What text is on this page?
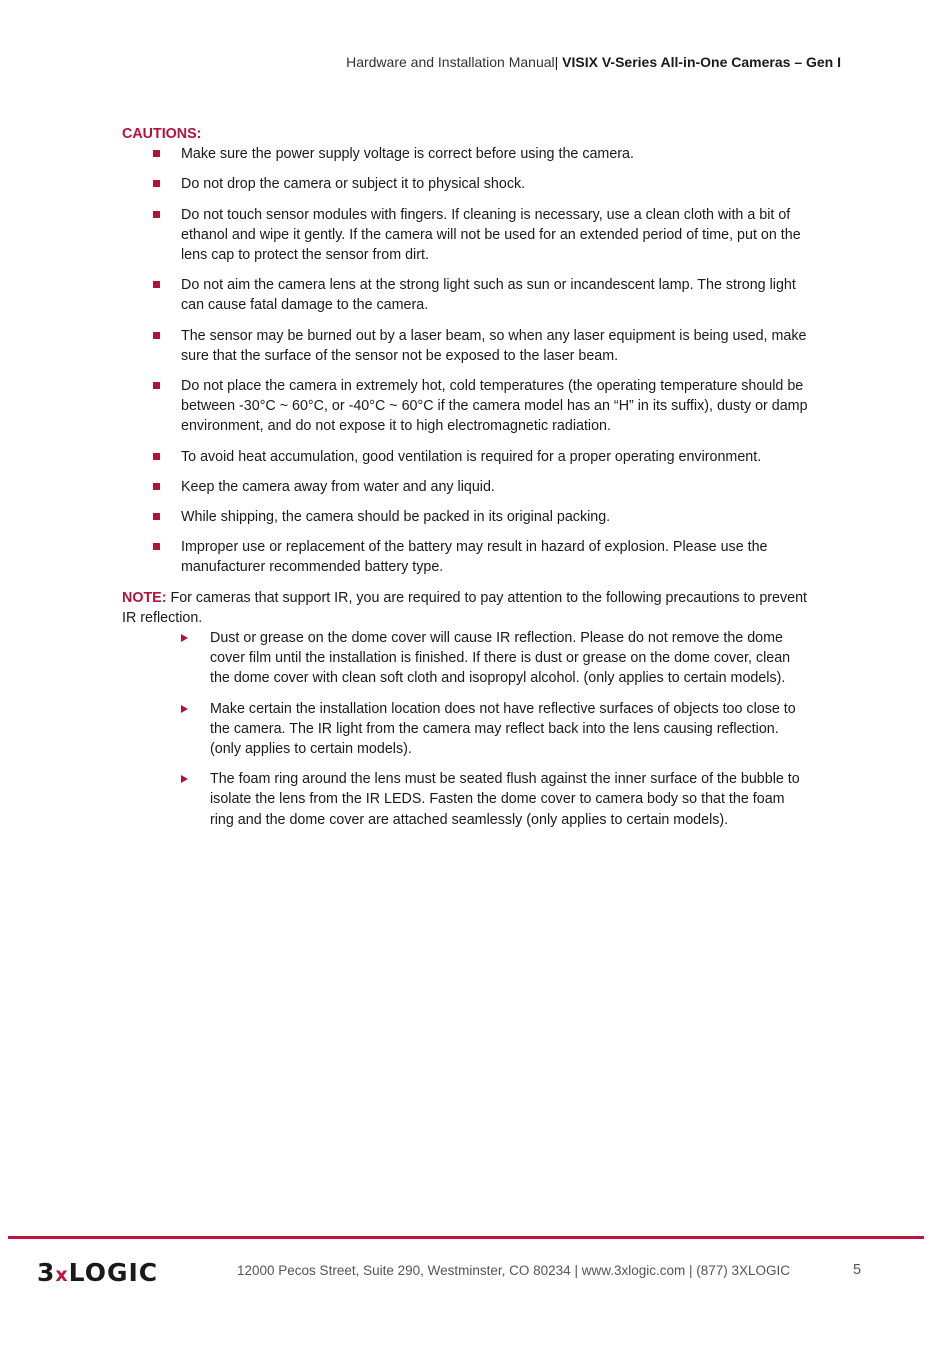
Hardware and Installation Manual| VISIX V-Series All-in-One Cameras – Gen I

CAUTIONS:

Make sure the power supply voltage is correct before using the camera.
Do not drop the camera or subject it to physical shock.
Do not touch sensor modules with fingers. If cleaning is necessary, use a clean cloth with a bit of ethanol and wipe it gently. If the camera will not be used for an extended period of time, put on the lens cap to protect the sensor from dirt.
Do not aim the camera lens at the strong light such as sun or incandescent lamp. The strong light can cause fatal damage to the camera.
The sensor may be burned out by a laser beam, so when any laser equipment is being used, make sure that the surface of the sensor not be exposed to the laser beam.
Do not place the camera in extremely hot, cold temperatures (the operating temperature should be between -30°C ~ 60°C, or -40°C ~ 60°C if the camera model has an “H” in its suffix), dusty or damp environment, and do not expose it to high electromagnetic radiation.
To avoid heat accumulation, good ventilation is required for a proper operating environment.
Keep the camera away from water and any liquid.
While shipping, the camera should be packed in its original packing.
Improper use or replacement of the battery may result in hazard of explosion. Please use the manufacturer recommended battery type.

NOTE: For cameras that support IR, you are required to pay attention to the following precautions to prevent IR reflection.

Dust or grease on the dome cover will cause IR reflection. Please do not remove the dome cover film until the installation is finished. If there is dust or grease on the dome cover, clean the dome cover with clean soft cloth and isopropyl alcohol. (only applies to certain models).
Make certain the installation location does not have reflective surfaces of objects too close to the camera. The IR light from the camera may reflect back into the lens causing reflection. (only applies to certain models).
The foam ring around the lens must be seated flush against the inner surface of the bubble to isolate the lens from the IR LEDS. Fasten the dome cover to camera body so that the foam ring and the dome cover are attached seamlessly (only applies to certain models).
3xLOGIC	12000 Pecos Street, Suite 290, Westminster, CO 80234 | www.3xlogic.com | (877) 3XLOGIC	5
